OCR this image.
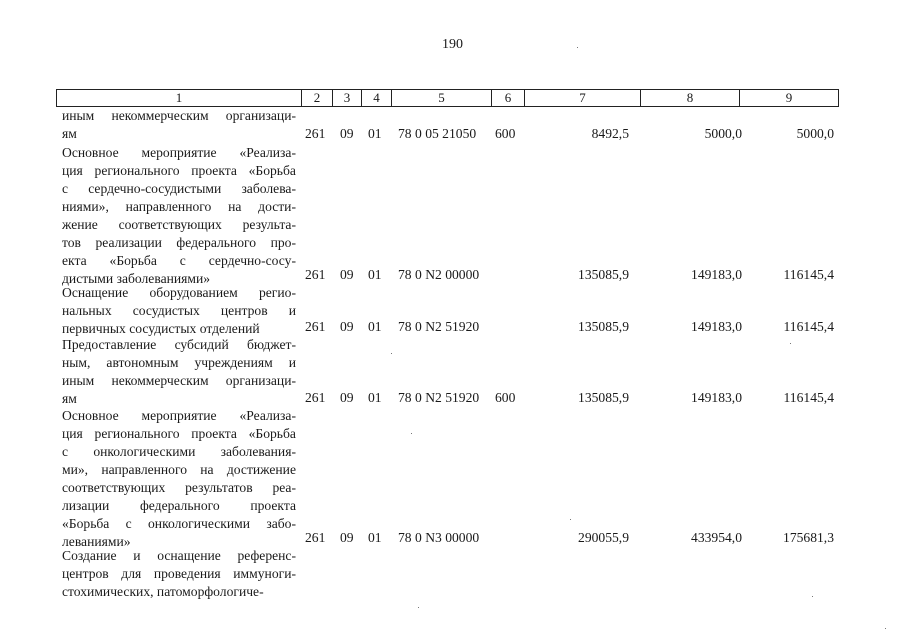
190
1	2	3	4	5	6	7	8	9
иным некоммерческим организаци-
ям	261 09 01 78 0 05 21050 600	8492,5	5000,0	5000,0
Основное мероприятие «Реализа-
ция регионального проекта «Борьба
с сердечно-сосудистыми заболева-
ниями», направленного на дости-
жение соответствующих результа-
тов реализации федерального про-
екта «Борьба с сердечно-сосу-
дистыми заболеваниями»	261 09 01 78 0 N2 00000	135085,9	149183,0	116145,4
Оснащение оборудованием регио-
нальных сосудистых центров и
первичных сосудистых отделений	261 09 01 78 0 N2 51920	135085,9	149183,0	116145,4
Предоставление субсидий бюджет-
ным, автономным учреждениям и
иным некоммерческим организаци-
ям	261 09 01 78 0 N2 51920 600	135085,9	149183,0	116145,4
Основное мероприятие «Реализа-
ция регионального проекта «Борьба
с онкологическими заболевания-
ми», направленного на достижение
соответствующих результатов реа-
лизации федерального проекта
«Борьба с онкологическими забо-
леваниями»	261 09 01 78 0 N3 00000	290055,9	433954,0	175681,3
Создание и оснащение референс-
центров для проведения иммуноги-
стохимических, патоморфологиче-
